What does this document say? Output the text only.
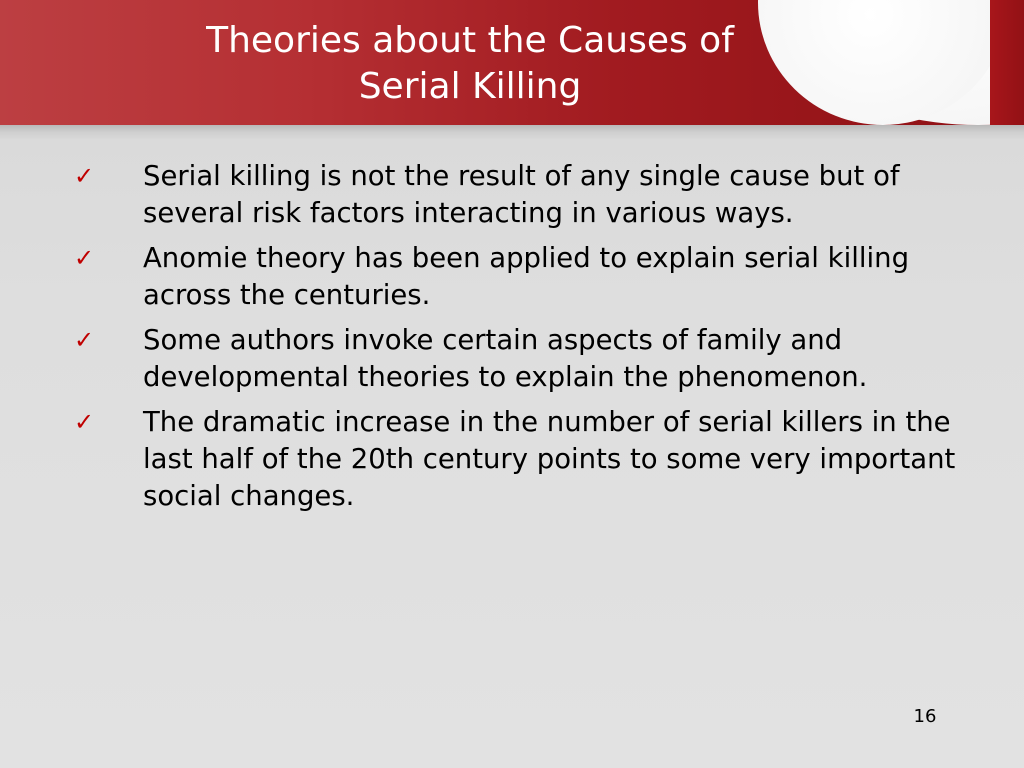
Theories about the Causes of
Serial Killing
✓ Serial killing is not the result of any single cause but of several risk factors interacting in various ways.
✓ Anomie theory has been applied to explain serial killing across the centuries.
✓ Some authors invoke certain aspects of family and developmental theories to explain the phenomenon.
✓ The dramatic increase in the number of serial killers in the last half of the 20th century points to some very important social changes.
16
